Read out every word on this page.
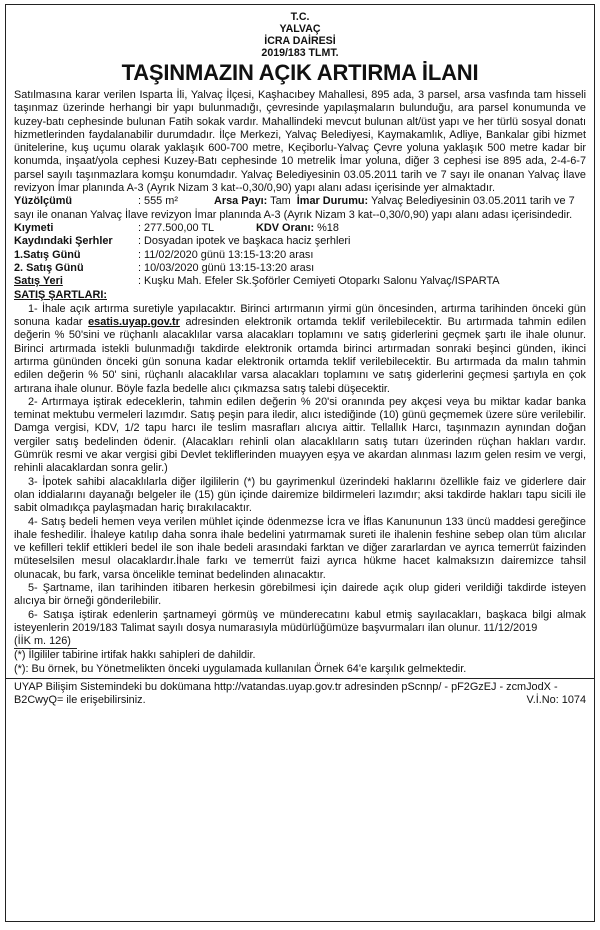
T.C.
YALVAÇ
İCRA DAİRESİ
2019/183 TLMT.
TAŞINMAZIN AÇIK ARTIRMA İLANI

Satılmasına karar verilen Isparta İli, Yalvaç İlçesi, Kaşhacıbey Mahallesi, 895 ada, 3 parsel, arsa vasfında tam hisseli taşınmaz üzerinde herhangi bir yapı bulunmadığı, çevresinde yapılaşmaların bulunduğu, ara parsel konumunda ve kuzey-batı cephesinde bulunan Fatih sokak vardır. Mahallindeki mevcut bulunan alt/üst yapı ve her türlü sosyal donatı hizmetlerinden faydalanabilir durumdadır. İlçe Merkezi, Yalvaç Belediyesi, Kaymakamlık, Adliye, Bankalar gibi hizmet ünitelerine, kuş uçumu olarak yaklaşık 600-700 metre, Keçiborlu-Yalvaç Çevre yoluna yaklaşık 500 metre kadar bir konumda, inşaat/yola cephesi Kuzey-Batı cephesinde 10 metrelik İmar yoluna, diğer 3 cephesi ise 895 ada, 2-4-6-7 parsel sayılı taşınmazlara komşu konumdadır. Yalvaç Belediyesinin 03.05.2011 tarih ve 7 sayı ile onanan Yalvaç İlave revizyon İmar planında A-3 (Ayrık Nizam 3 kat--0,30/0,90) yapı alanı adası içerisinde yer almaktadır.

Yüzölçümü	: 555 m²	Arsa Payı: Tam İmar Durumu: Yalvaç Belediyesinin 03.05.2011 tarih ve 7 sayı ile onanan Yalvaç İlave revizyon İmar planında A-3 (Ayrık Nizam 3 kat--0,30/0,90) yapı alanı adası içerisindedir.
Kıymeti	: 277.500,00 TL	KDV Oranı: %18
Kaydındaki Şerhler	: Dosyadan ipotek ve başkaca haciz şerhleri
1.Satış Günü	: 11/02/2020 günü 13:15-13:20 arası
2. Satış Günü	: 10/03/2020 günü 13:15-13:20 arası
Satış Yeri	: Kuşku Mah. Efeler Sk.Şoförler Cemiyeti Otoparkı Salonu Yalvaç/ISPARTA
SATIŞ ŞARTLARI:

1- İhale açık artırma suretiyle yapılacaktır. Birinci artırmanın yirmi gün öncesinden, artırma tarihinden önceki gün sonuna kadar esatis.uyap.gov.tr adresinden elektronik ortamda teklif verilebilecektir. Bu artırmada tahmin edilen değerin % 50'sini ve rüçhanlı alacaklılar varsa alacakları toplamını ve satış giderlerini geçmek şartı ile ihale olunur. Birinci artırmada istekli bulunmadığı takdirde elektronik ortamda birinci artırmadan sonraki beşinci günden, ikinci artırma gününden önceki gün sonuna kadar elektronik ortamda teklif verilebilecektir. Bu artırmada da malın tahmin edilen değerin % 50' sini, rüçhanlı alacaklılar varsa alacakları toplamını ve satış giderlerini geçmesi şartıyla en çok artırana ihale olunur. Böyle fazla bedelle alıcı çıkmazsa satış talebi düşecektir.

2- Artırmaya iştirak edeceklerin, tahmin edilen değerin % 20'si oranında pey akçesi veya bu miktar kadar banka teminat mektubu vermeleri lazımdır. Satış peşin para iledir, alıcı istediğinde (10) günü geçmemek üzere süre verilebilir. Damga vergisi, KDV, 1/2 tapu harcı ile teslim masrafları alıcıya aittir. Tellallık Harcı, taşınmazın aynından doğan vergiler satış bedelinden ödenir. (Alacakları rehinli olan alacaklıların satış tutarı üzerinden rüçhan hakları vardır. Gümrük resmi ve akar vergisi gibi Devlet tekliflerinden muayyen eşya ve akardan alınması lazım gelen resim ve vergi, rehinli alacaklardan sonra gelir.)

3- İpotek sahibi alacaklılarla diğer ilgililerin (*) bu gayrimenkul üzerindeki haklarını özellikle faiz ve giderlere dair olan iddialarını dayanağı belgeler ile (15) gün içinde dairemize bildirmeleri lazımdır; aksi takdirde hakları tapu sicili ile sabit olmadıkça paylaşmadan hariç bırakılacaktır.

4- Satış bedeli hemen veya verilen mühlet içinde ödenmezse İcra ve İflas Kanununun 133 üncü maddesi gereğince ihale feshedilir. İhaleye katılıp daha sonra ihale bedelini yatırmamak sureti ile ihalenin feshine sebep olan tüm alıcılar ve kefilleri teklif ettikleri bedel ile son ihale bedeli arasındaki farktan ve diğer zararlardan ve ayrıca temerrüt faizinden müteselsilen mesul olacaklardır.İhale farkı ve temerrüt faizi ayrıca hükme hacet kalmaksızın dairemizce tahsil olunacak, bu fark, varsa öncelikle teminat bedelinden alınacaktır.

5- Şartname, ilan tarihinden itibaren herkesin görebilmesi için dairede açık olup gideri verildiği takdirde isteyen alıcıya bir örneği gönderilebilir.

6- Satışa iştirak edenlerin şartnameyi görmüş ve münderecatını kabul etmiş sayılacakları, başkaca bilgi almak isteyenlerin 2019/183 Talimat sayılı dosya numarasıyla müdürlüğümüze başvurmaları ilan olunur. 11/12/2019

(İİK m. 126)
(*) İlgililer tabirine irtifak hakkı sahipleri de dahildir.
(*): Bu örnek, bu Yönetmelikten önceki uygulamada kullanılan Örnek 64'e karşılık gelmektedir.
UYAP Bilişim Sistemindeki bu dokümana http://vatandas.uyap.gov.tr adresinden pScnnp/ - pF2GzEJ - zcmJodX - B2CwyQ= ile erişebilirsiniz.	V.İ.No: 1074
